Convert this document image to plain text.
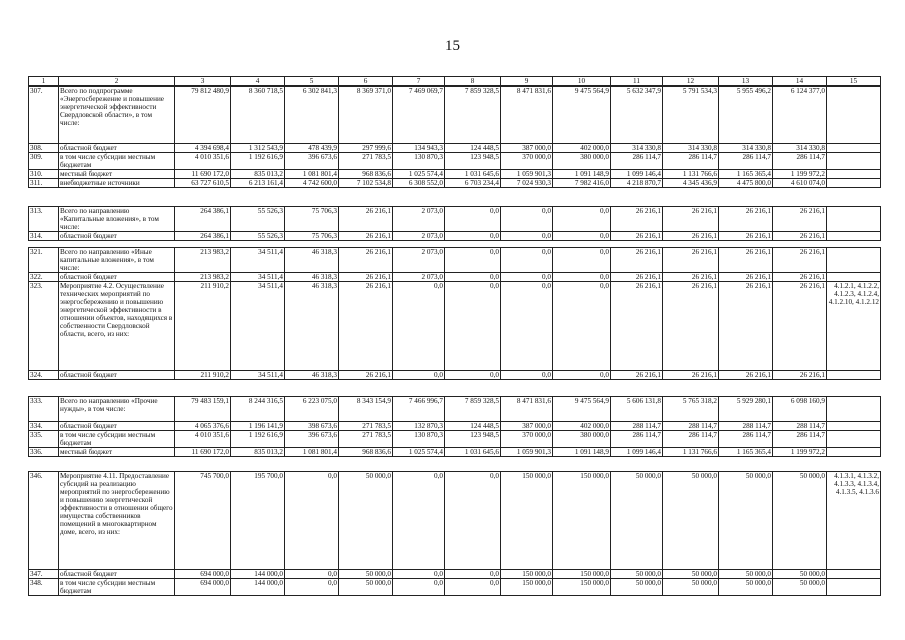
15
1	2	3	4	5	6	7	8	9	10	11	12	13	14	15
307.	Всего по подпрограмме «Энергосбережение и повышение энергетической эффективности Свердловской области», в том числе:	79 812 480,9	8 360 718,5	6 302 841,3	8 369 371,0	7 469 069,7	7 859 328,5	8 471 831,6	9 475 564,9	5 632 347,9	5 791 534,3	5 955 496,2	6 124 377,0	
308.	областной бюджет	4 394 698,4	1 312 543,9	478 439,9	297 999,6	134 943,3	124 448,5	387 000,0	402 000,0	314 330,8	314 330,8	314 330,8	314 330,8	
309.	в том числе субсидии местным бюджетам	4 010 351,6	1 192 616,9	396 673,6	271 783,5	130 870,3	123 948,5	370 000,0	380 000,0	286 114,7	286 114,7	286 114,7	286 114,7	
310.	местный бюджет	11 690 172,0	835 013,2	1 081 801,4	968 836,6	1 025 574,4	1 031 645,6	1 059 901,3	1 091 148,9	1 099 146,4	1 131 766,6	1 165 365,4	1 199 972,2	
311.	внебюджетные источники	63 727 610,5	6 213 161,4	4 742 600,0	7 102 534,8	6 308 552,0	6 703 234,4	7 024 930,3	7 982 416,0	4 218 870,7	4 345 436,9	4 475 800,0	4 610 074,0	
313.	Всего по направлению «Капитальные вложения», в том числе:	264 386,1	55 526,3	75 706,3	26 216,1	2 073,0	0,0	0,0	0,0	26 216,1	26 216,1	26 216,1	26 216,1	
314.	областной бюджет	264 386,1	55 526,3	75 706,3	26 216,1	2 073,0	0,0	0,0	0,0	26 216,1	26 216,1	26 216,1	26 216,1	
321.	Всего по направлению «Иные капитальные вложения», в том числе:	213 983,2	34 511,4	46 318,3	26 216,1	2 073,0	0,0	0,0	0,0	26 216,1	26 216,1	26 216,1	26 216,1	
322.	областной бюджет	213 983,2	34 511,4	46 318,3	26 216,1	2 073,0	0,0	0,0	0,0	26 216,1	26 216,1	26 216,1	26 216,1	
323.	Мероприятие 4.2. Осуществление технических мероприятий по энергосбережению и повышению энергетической эффективности в отношении объектов, находящихся в собственности Свердловской области, всего, из них:	211 910,2	34 511,4	46 318,3	26 216,1	0,0	0,0	0,0	0,0	26 216,1	26 216,1	26 216,1	26 216,1	4.1.2.1, 4.1.2.2, 4.1.2.3, 4.1.2.4, 4.1.2.10, 4.1.2.12
324.	областной бюджет	211 910,2	34 511,4	46 318,3	26 216,1	0,0	0,0	0,0	0,0	26 216,1	26 216,1	26 216,1	26 216,1	
333.	Всего по направлению «Прочие нужды», в том числе:	79 483 159,1	8 244 316,5	6 223 075,0	8 343 154,9	7 466 996,7	7 859 328,5	8 471 831,6	9 475 564,9	5 606 131,8	5 765 318,2	5 929 280,1	6 098 160,9	
334.	областной бюджет	4 065 376,6	1 196 141,9	398 673,6	271 783,5	132 870,3	124 448,5	387 000,0	402 000,0	288 114,7	288 114,7	288 114,7	288 114,7	
335.	в том числе субсидии местным бюджетам	4 010 351,6	1 192 616,9	396 673,6	271 783,5	130 870,3	123 948,5	370 000,0	380 000,0	286 114,7	286 114,7	286 114,7	286 114,7	
336.	местный бюджет	11 690 172,0	835 013,2	1 081 801,4	968 836,6	1 025 574,4	1 031 645,6	1 059 901,3	1 091 148,9	1 099 146,4	1 131 766,6	1 165 365,4	1 199 972,2	
346.	Мероприятие 4.11. Предоставление субсидий на реализацию мероприятий по энергосбережению и повышению энергетической эффективности в отношении общего имущества собственников помещений в многоквартирном доме, всего, из них:	745 700,0	195 700,0	0,0	50 000,0	0,0	0,0	150 000,0	150 000,0	50 000,0	50 000,0	50 000,0	50 000,0	4.1.3.1, 4.1.3.2, 4.1.3.3, 4.1.3.4, 4.1.3.5, 4.1.3.6
347.	областной бюджет	694 000,0	144 000,0	0,0	50 000,0	0,0	0,0	150 000,0	150 000,0	50 000,0	50 000,0	50 000,0	50 000,0	
348.	в том числе субсидии местным бюджетам	694 000,0	144 000,0	0,0	50 000,0	0,0	0,0	150 000,0	150 000,0	50 000,0	50 000,0	50 000,0	50 000,0	
